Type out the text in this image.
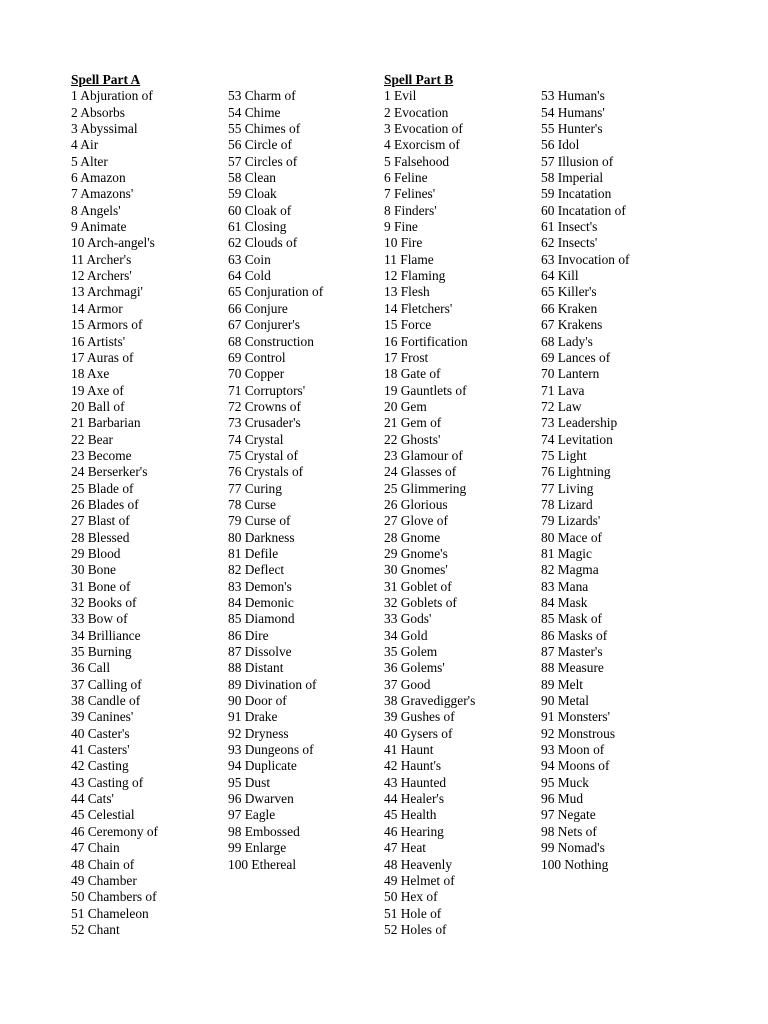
Spell Part A
1 Abjuration of
2 Absorbs
3 Abyssimal
4 Air
5 Alter
6 Amazon
7 Amazons'
8 Angels'
9 Animate
10 Arch-angel's
11 Archer's
12 Archers'
13 Archmagi'
14 Armor
15 Armors of
16 Artists'
17 Auras of
18 Axe
19 Axe of
20 Ball of
21 Barbarian
22 Bear
23 Become
24 Berserker's
25 Blade of
26 Blades of
27 Blast of
28 Blessed
29 Blood
30 Bone
31 Bone of
32 Books of
33 Bow of
34 Brilliance
35 Burning
36 Call
37 Calling of
38 Candle of
39 Canines'
40 Caster's
41 Casters'
42 Casting
43 Casting of
44 Cats'
45 Celestial
46 Ceremony of
47 Chain
48 Chain of
49 Chamber
50 Chambers of
51 Chameleon
52 Chant
53 Charm of
54 Chime
55 Chimes of
56 Circle of
57 Circles of
58 Clean
59 Cloak
60 Cloak of
61 Closing
62 Clouds of
63 Coin
64 Cold
65 Conjuration of
66 Conjure
67 Conjurer's
68 Construction
69 Control
70 Copper
71 Corruptors'
72 Crowns of
73 Crusader's
74 Crystal
75 Crystal of
76 Crystals of
77 Curing
78 Curse
79 Curse of
80 Darkness
81 Defile
82 Deflect
83 Demon's
84 Demonic
85 Diamond
86 Dire
87 Dissolve
88 Distant
89 Divination of
90 Door of
91 Drake
92 Dryness
93 Dungeons of
94 Duplicate
95 Dust
96 Dwarven
97 Eagle
98 Embossed
99 Enlarge
100 Ethereal
Spell Part B
1 Evil
2 Evocation
3 Evocation of
4 Exorcism of
5 Falsehood
6 Feline
7 Felines'
8 Finders'
9 Fine
10 Fire
11 Flame
12 Flaming
13 Flesh
14 Fletchers'
15 Force
16 Fortification
17 Frost
18 Gate of
19 Gauntlets of
20 Gem
21 Gem of
22 Ghosts'
23 Glamour of
24 Glasses of
25 Glimmering
26 Glorious
27 Glove of
28 Gnome
29 Gnome's
30 Gnomes'
31 Goblet of
32 Goblets of
33 Gods'
34 Gold
35 Golem
36 Golems'
37 Good
38 Gravedigger's
39 Gushes of
40 Gysers of
41 Haunt
42 Haunt's
43 Haunted
44 Healer's
45 Health
46 Hearing
47 Heat
48 Heavenly
49 Helmet of
50 Hex of
51 Hole of
52 Holes of
53 Human's
54 Humans'
55 Hunter's
56 Idol
57 Illusion of
58 Imperial
59 Incatation
60 Incatation of
61 Insect's
62 Insects'
63 Invocation of
64 Kill
65 Killer's
66 Kraken
67 Krakens
68 Lady's
69 Lances of
70 Lantern
71 Lava
72 Law
73 Leadership
74 Levitation
75 Light
76 Lightning
77 Living
78 Lizard
79 Lizards'
80 Mace of
81 Magic
82 Magma
83 Mana
84 Mask
85 Mask of
86 Masks of
87 Master's
88 Measure
89 Melt
90 Metal
91 Monsters'
92 Monstrous
93 Moon of
94 Moons of
95 Muck
96 Mud
97 Negate
98 Nets of
99 Nomad's
100 Nothing
